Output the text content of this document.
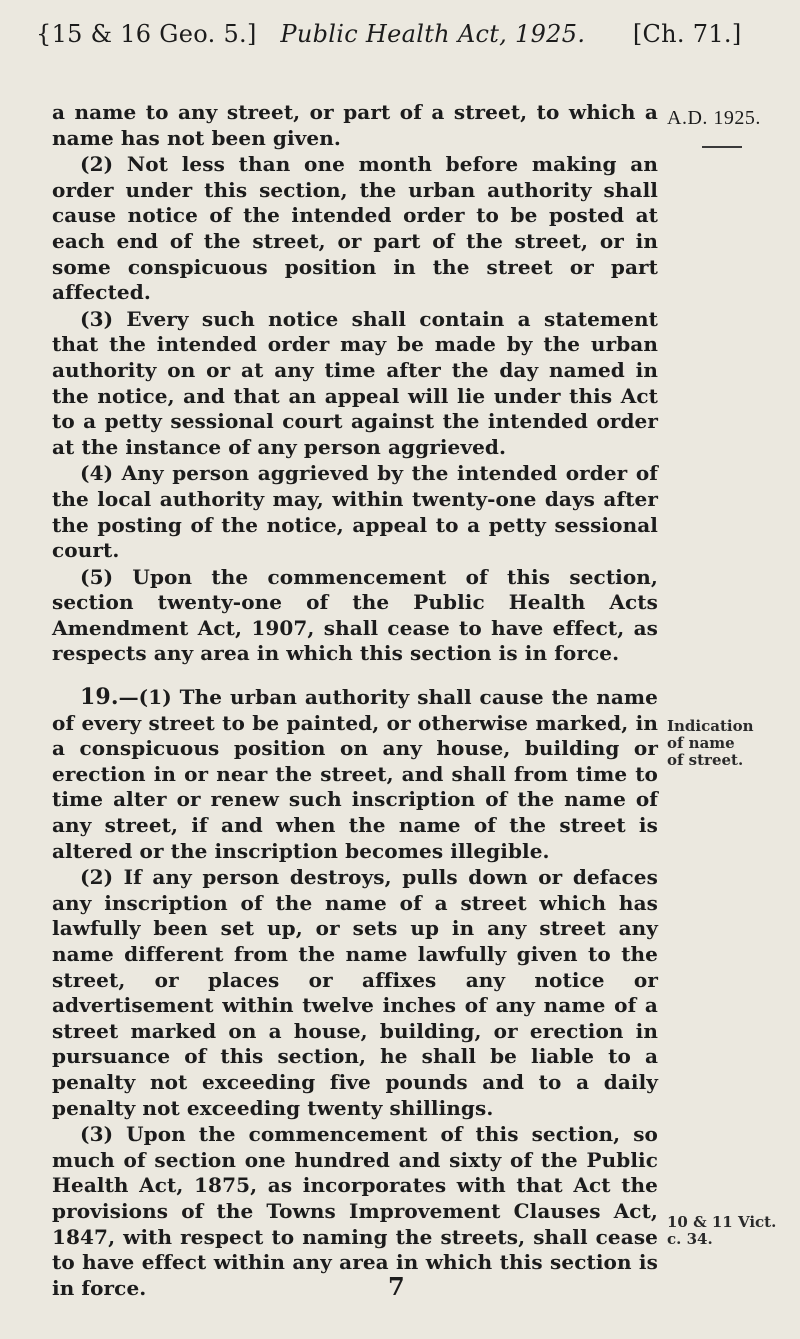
{15 & 16 Geo. 5.] Public Health Act, 1925. [Ch. 71.]
A.D. 1925.

a name to any street, or part of a street, to which a name has not been given.

(2) Not less than one month before making an order under this section, the urban authority shall cause notice of the intended order to be posted at each end of the street, or part of the street, or in some conspicuous position in the street or part affected.

(3) Every such notice shall contain a statement that the intended order may be made by the urban authority on or at any time after the day named in the notice, and that an appeal will lie under this Act to a petty sessional court against the intended order at the instance of any person aggrieved.

(4) Any person aggrieved by the intended order of the local authority may, within twenty-one days after the posting of the notice, appeal to a petty sessional court.

(5) Upon the commencement of this section, section twenty-one of the Public Health Acts Amendment Act, 1907, shall cease to have effect, as respects any area in which this section is in force.

19.—(1) The urban authority shall cause the name of every street to be painted, or otherwise marked, in a conspicuous position on any house, building or erection in or near the street, and shall from time to time alter or renew such inscription of the name of any street, if and when the name of the street is altered or the inscription becomes illegible.

(2) If any person destroys, pulls down or defaces any inscription of the name of a street which has lawfully been set up, or sets up in any street any name different from the name lawfully given to the street, or places or affixes any notice or advertisement within twelve inches of any name of a street marked on a house, building, or erection in pursuance of this section, he shall be liable to a penalty not exceeding five pounds and to a daily penalty not exceeding twenty shillings.

(3) Upon the commencement of this section, so much of section one hundred and sixty of the Public Health Act, 1875, as incorporates with that Act the provisions of the Towns Improvement Clauses Act, 1847, with respect to naming the streets, shall cease to have effect within any area in which this section is in force.

Indication
of name
of street.
10 & 11 Vict.
c. 34.
7
